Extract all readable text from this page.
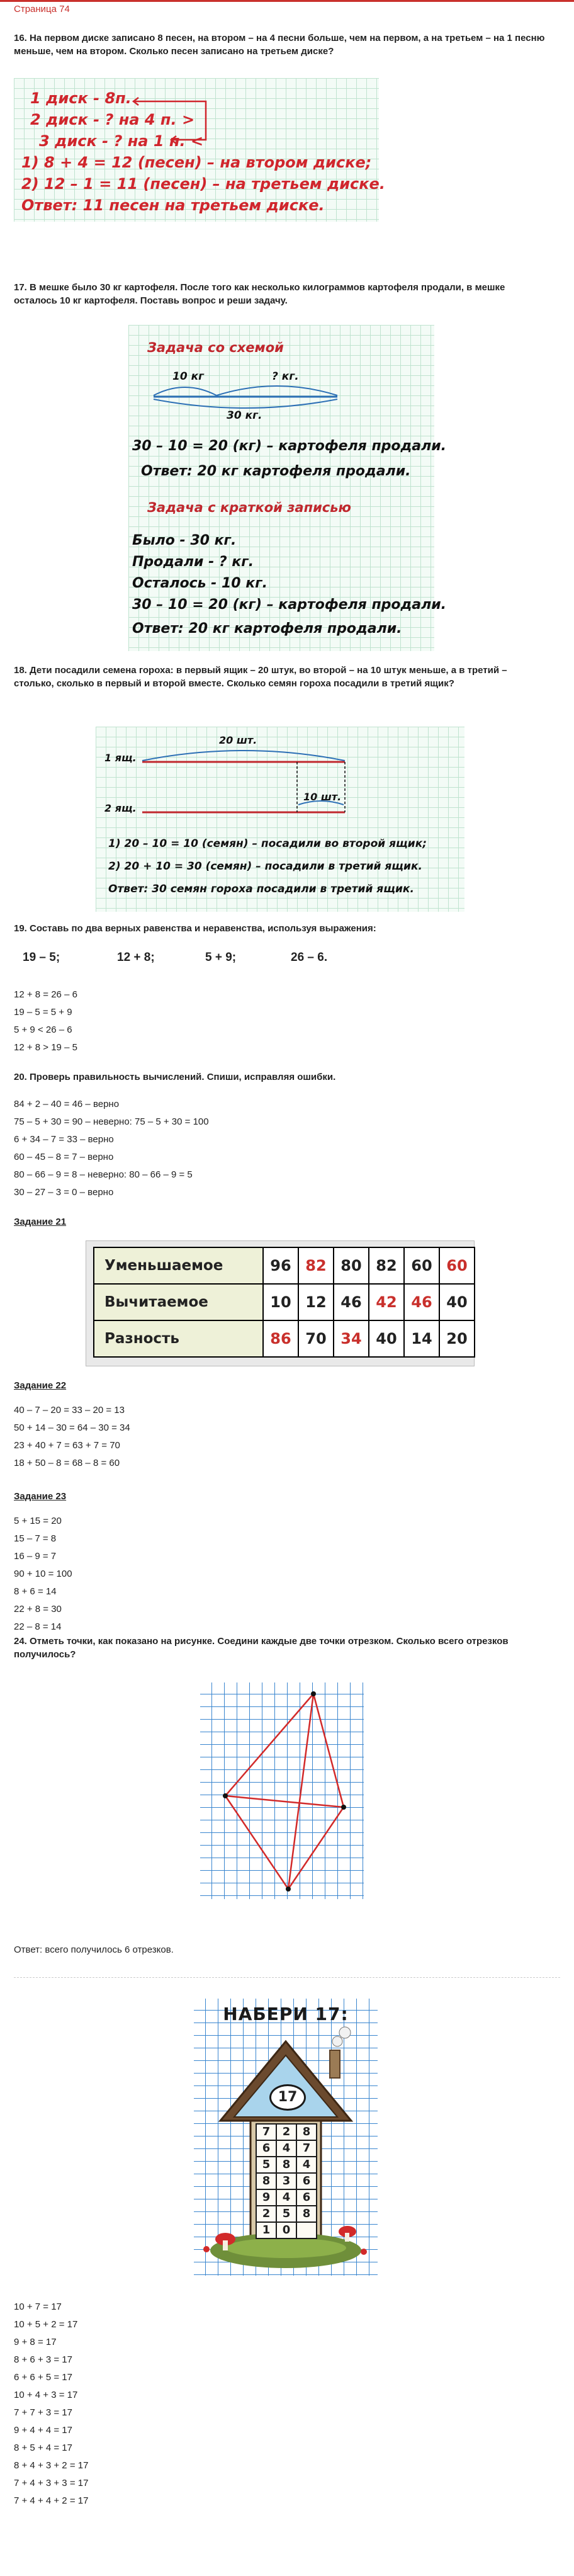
Страница 74
16. На первом диске записано 8 песен, на втором – на 4 песни больше, чем на первом, а на третьем – на 1 песню меньше, чем на втором. Сколько песен записано на третьем диске?
1 диск - 8п.
2 диск - ? на 4 п. >
3 диск - ? на 1 п. <
1) 8 + 4 = 12 (песен) – на втором диске;
2) 12 – 1 = 11 (песен) – на третьем диске.
Ответ: 11 песен на третьем диске.
17. В мешке было 30 кг картофеля. После того как несколько килограммов картофеля продали, в мешке осталось 10 кг картофеля. Поставь вопрос и реши задачу.
Задача со схемой
10 кг	? кг.
30 кг.
30 – 10 = 20 (кг) – картофеля продали.
Ответ: 20 кг картофеля продали.
Задача с краткой записью
Было - 30 кг.
Продали - ? кг.
Осталось - 10 кг.
30 – 10 = 20 (кг) – картофеля продали.
Ответ: 20 кг картофеля продали.
18. Дети посадили семена гороха: в первый ящик – 20 штук, во второй – на 10 штук меньше, а в третий – столько, сколько в первый и второй вместе. Сколько семян гороха посадили в третий ящик?
20 шт.
1 ящ.
10 шт.
2 ящ.
1) 20 – 10 = 10 (семян) – посадили во второй ящик;
2) 20 + 10 = 30 (семян) – посадили в третий ящик.
Ответ: 30 семян гороха посадили в третий ящик.
19. Составь по два верных равенства и неравенства, используя выражения:
19 – 5;	12 + 8;	5 + 9;	26 – 6.
12 + 8 = 26 – 6
19 – 5 = 5 + 9
5 + 9 < 26 – 6
12 + 8 > 19 – 5
20. Проверь правильность вычислений. Спиши, исправляя ошибки.
84 + 2 – 40 = 46 – верно
75 – 5 + 30 = 90 – неверно: 75 – 5 + 30 = 100
6 + 34 – 7 = 33 – верно
60 – 45 – 8 = 7 – верно
80 – 66 – 9 = 8 – неверно: 80 – 66 – 9 = 5
30 – 27 – 3 = 0 – верно
Задание 21
Уменьшаемое	96	82	80	82	60	60
Вычитаемое	10	12	46	42	46	40
Разность	86	70	34	40	14	20
Задание 22
40 – 7 – 20 = 33 – 20 = 13
50 + 14 – 30 = 64 – 30 = 34
23 + 40 + 7 = 63 + 7 = 70
18 + 50 – 8 = 68 – 8 = 60
Задание 23
5 + 15 = 20
15 – 7 = 8
16 – 9 = 7
90 + 10 = 100
8 + 6 = 14
22 + 8 = 30
22 – 8 = 14
24. Отметь точки, как показано на рисунке. Соедини каждые две точки отрезком. Сколько всего отрезков получилось?
Ответ: всего получилось 6 отрезков.
НАБЕРИ 17:
17
7	2	8
6	4	7
5	8	4
8	3	6
9	4	6
2	5	8
1	0	
10 + 7 = 17
10 + 5 + 2 = 17
9 + 8 = 17
8 + 6 + 3 = 17
6 + 6 + 5 = 17
10 + 4 + 3 = 17
7 + 7 + 3 = 17
9 + 4 + 4 = 17
8 + 5 + 4 = 17
8 + 4 + 3 + 2 = 17
7 + 4 + 3 + 3 = 17
7 + 4 + 4 + 2 = 17
